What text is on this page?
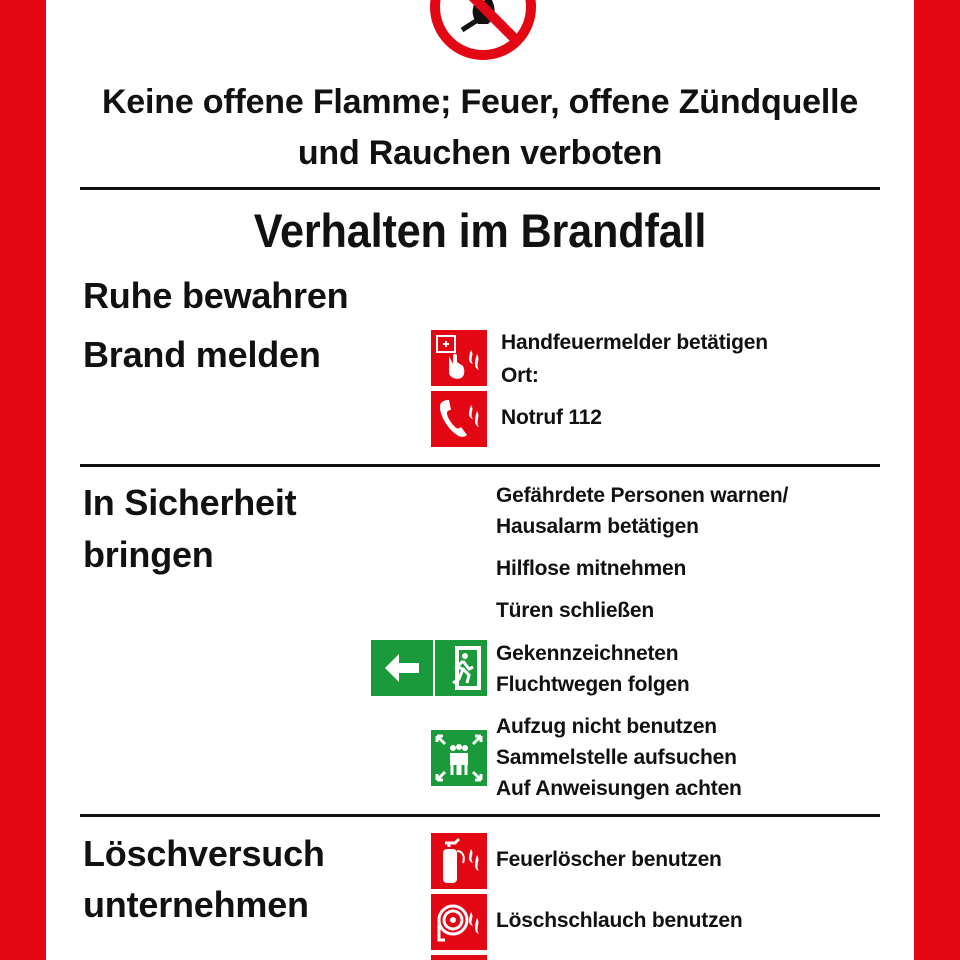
Keine offene Flamme; Feuer, offene Zündquelle
und Rauchen verboten
Verhalten im Brandfall
Ruhe bewahren
Brand melden	Handfeuermelder betätigen
Ort:
Notruf 112
In Sicherheit
bringen
Gefährdete Personen warnen/
Hausalarm betätigen
Hilflose mitnehmen
Türen schließen
Gekennzeichneten
Fluchtwegen folgen
Aufzug nicht benutzen
Sammelstelle aufsuchen
Auf Anweisungen achten
Löschversuch
unternehmen
Feuerlöscher benutzen
Löschschlauch benutzen
